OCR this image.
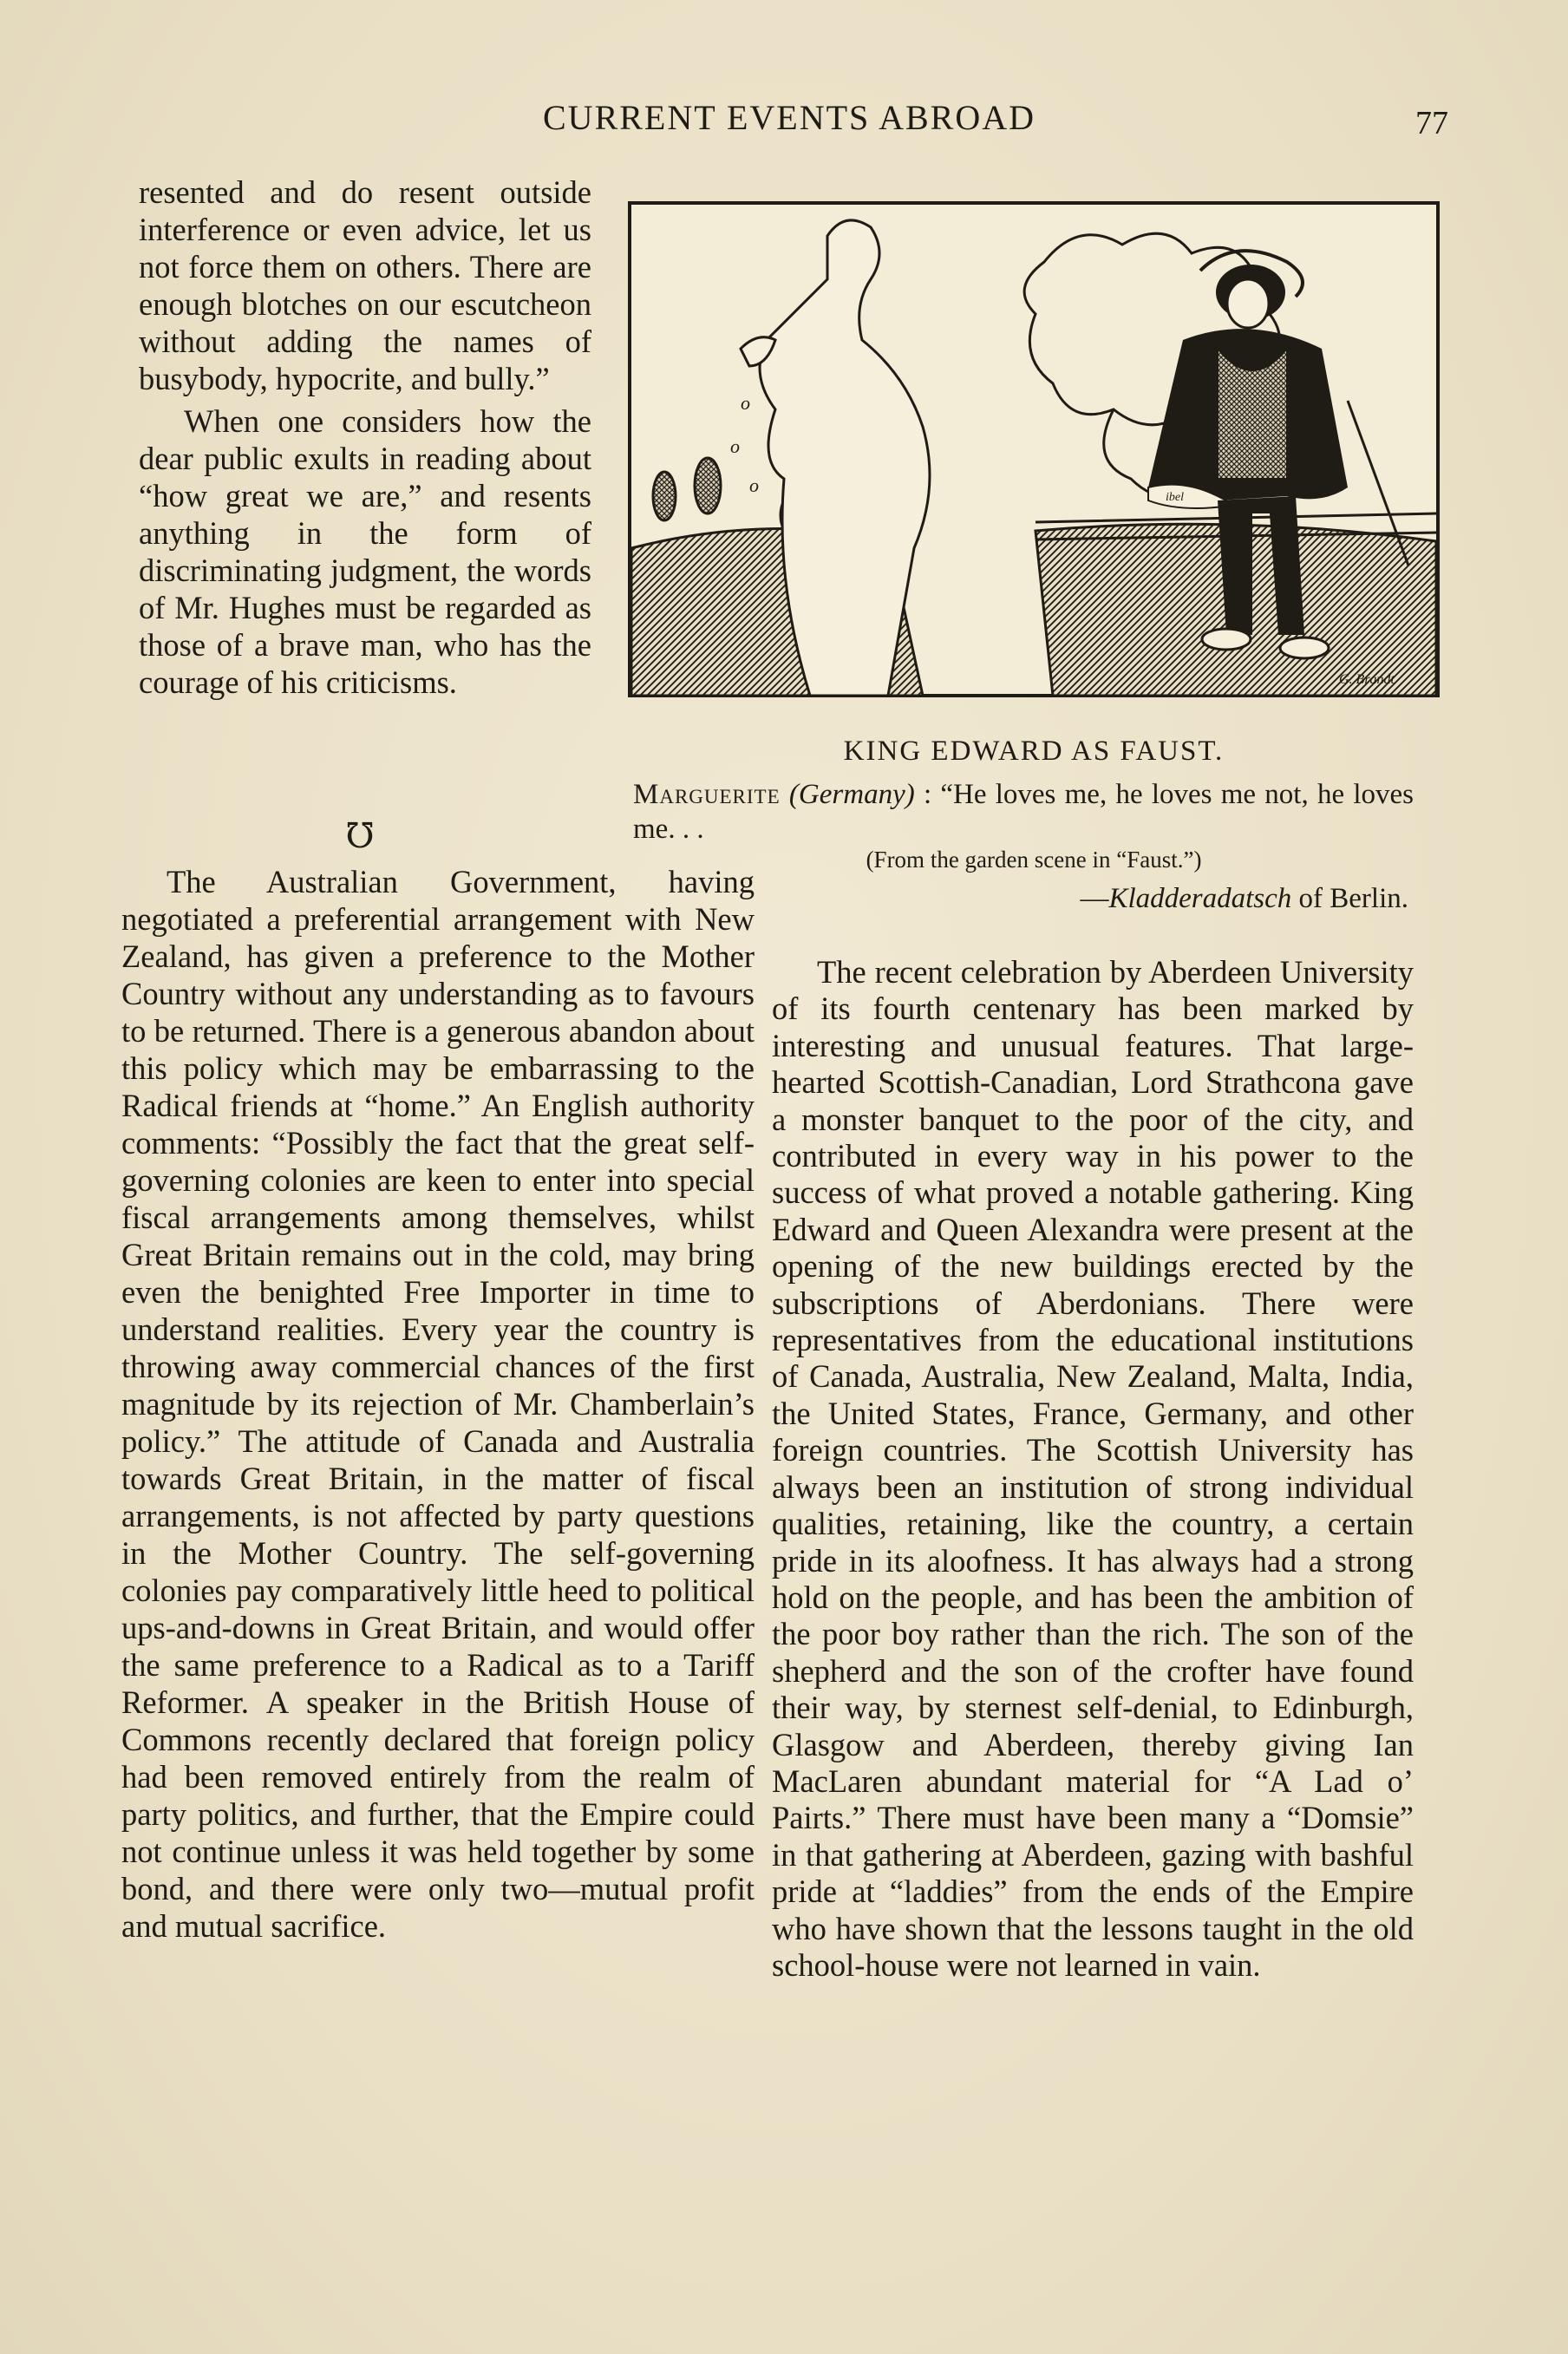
CURRENT EVENTS ABROAD	77

resented and do resent outside interference or even advice, let us not force them on others. There are enough blotches on our escutcheon without adding the names of busybody, hypocrite, and bully.”

When one considers how the dear public exults in reading about “how great we are,” and resents anything in the form of discriminating judgment, the words of Mr. Hughes must be regarded as those of a brave man, who has the courage of his criticisms.

℧

The Australian Government, having negotiated a preferential arrangement with New Zealand, has given a preference to the Mother Country without any understanding as to favours to be returned. There is a generous abandon about this policy which may be embarrassing to the Radical friends at “home.” An English authority comments: “Possibly the fact that the great self-governing colonies are keen to enter into special fiscal arrangements among themselves, whilst Great Britain remains out in the cold, may bring even the benighted Free Importer in time to understand realities. Every year the country is throwing away commercial chances of the first magnitude by its rejection of Mr. Chamberlain’s policy.” The attitude of Canada and Australia towards Great Britain, in the matter of fiscal arrangements, is not affected by party questions in the Mother Country. The self-governing colonies pay comparatively little heed to political ups-and-downs in Great Britain, and would offer the same preference to a Radical as to a Tariff Reformer. A speaker in the British House of Commons recently declared that foreign policy had been removed entirely from the realm of party politics, and further, that the Empire could not continue unless it was held together by some bond, and there were only two—mutual profit and mutual sacrifice.

o
o
o
ibel
G. Brandt
KING EDWARD AS FAUST.
Marguerite (Germany) : “He loves me, he loves me not, he loves me. . .
(From the garden scene in “Faust.”)
—Kladderadatsch of Berlin.

The recent celebration by Aberdeen University of its fourth centenary has been marked by interesting and unusual features. That large-hearted Scottish-Canadian, Lord Strathcona gave a monster banquet to the poor of the city, and contributed in every way in his power to the success of what proved a notable gathering. King Edward and Queen Alexandra were present at the opening of the new buildings erected by the subscriptions of Aberdonians. There were representatives from the educational institutions of Canada, Australia, New Zealand, Malta, India, the United States, France, Germany, and other foreign countries. The Scottish University has always been an institution of strong individual qualities, retaining, like the country, a certain pride in its aloofness. It has always had a strong hold on the people, and has been the ambition of the poor boy rather than the rich. The son of the shepherd and the son of the crofter have found their way, by sternest self-denial, to Edinburgh, Glasgow and Aberdeen, thereby giving Ian MacLaren abundant material for “A Lad o’ Pairts.” There must have been many a “Domsie” in that gathering at Aberdeen, gazing with bashful pride at “laddies” from the ends of the Empire who have shown that the lessons taught in the old school-house were not learned in vain.
